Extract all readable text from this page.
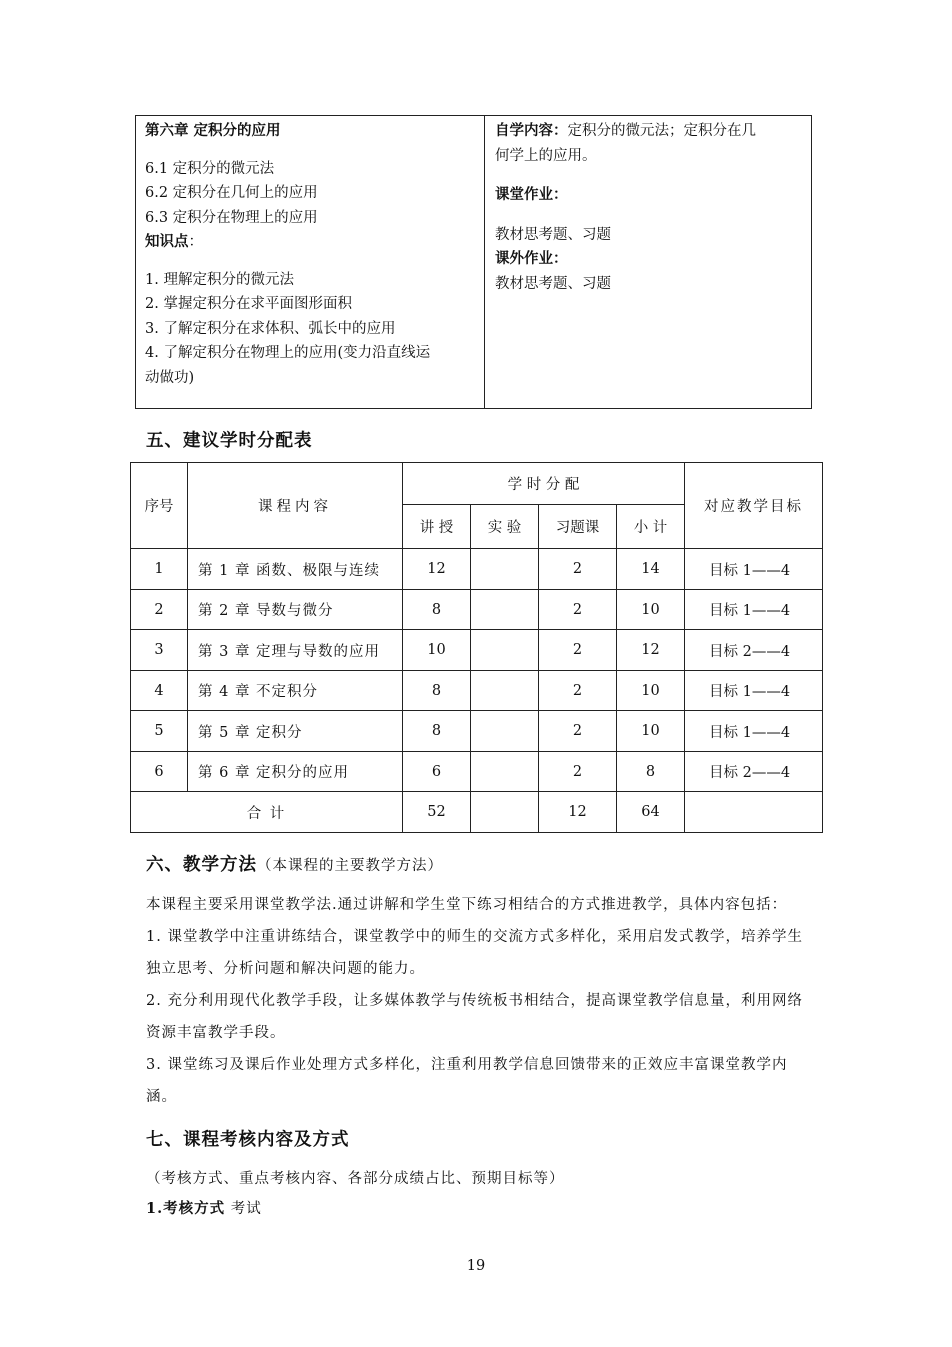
第六章 定积分的应用
6.1 定积分的微元法
6.2 定积分在几何上的应用
6.3 定积分在物理上的应用
知识点：
1. 理解定积分的微元法
2. 掌握定积分在求平面图形面积
3. 了解定积分在求体积、弧长中的应用
4. 了解定积分在物理上的应用(变力沿直线运
动做功)
自学内容：定积分的微元法；定积分在几
何学上的应用。
课堂作业：
教材思考题、习题
课外作业：
教材思考题、习题
五、建议学时分配表
序号	课程内容	学 时 分 配				对应教学目标
		讲 授	实 验	习题课	小 计	
1	第 1 章 函数、极限与连续	12		2	14	目标 1——4
2	第 2 章 导数与微分	8		2	10	目标 1——4
3	第 3 章 定理与导数的应用	10		2	12	目标 2——4
4	第 4 章 不定积分	8		2	10	目标 1——4
5	第 5 章 定积分	8		2	10	目标 1——4
6	第 6 章 定积分的应用	6		2	8	目标 2——4
合 计		52		12	64	
六、教学方法（本课程的主要教学方法）
本课程主要采用课堂教学法.通过讲解和学生堂下练习相结合的方式推进教学，具体内容包括：
1. 课堂教学中注重讲练结合，课堂教学中的师生的交流方式多样化，采用启发式教学，培养学生独立思考、分析问题和解决问题的能力。
2. 充分利用现代化教学手段，让多媒体教学与传统板书相结合，提高课堂教学信息量，利用网络资源丰富教学手段。
3. 课堂练习及课后作业处理方式多样化，注重利用教学信息回馈带来的正效应丰富课堂教学内涵。
七、课程考核内容及方式
（考核方式、重点考核内容、各部分成绩占比、预期目标等）
1.考核方式 考试
19
